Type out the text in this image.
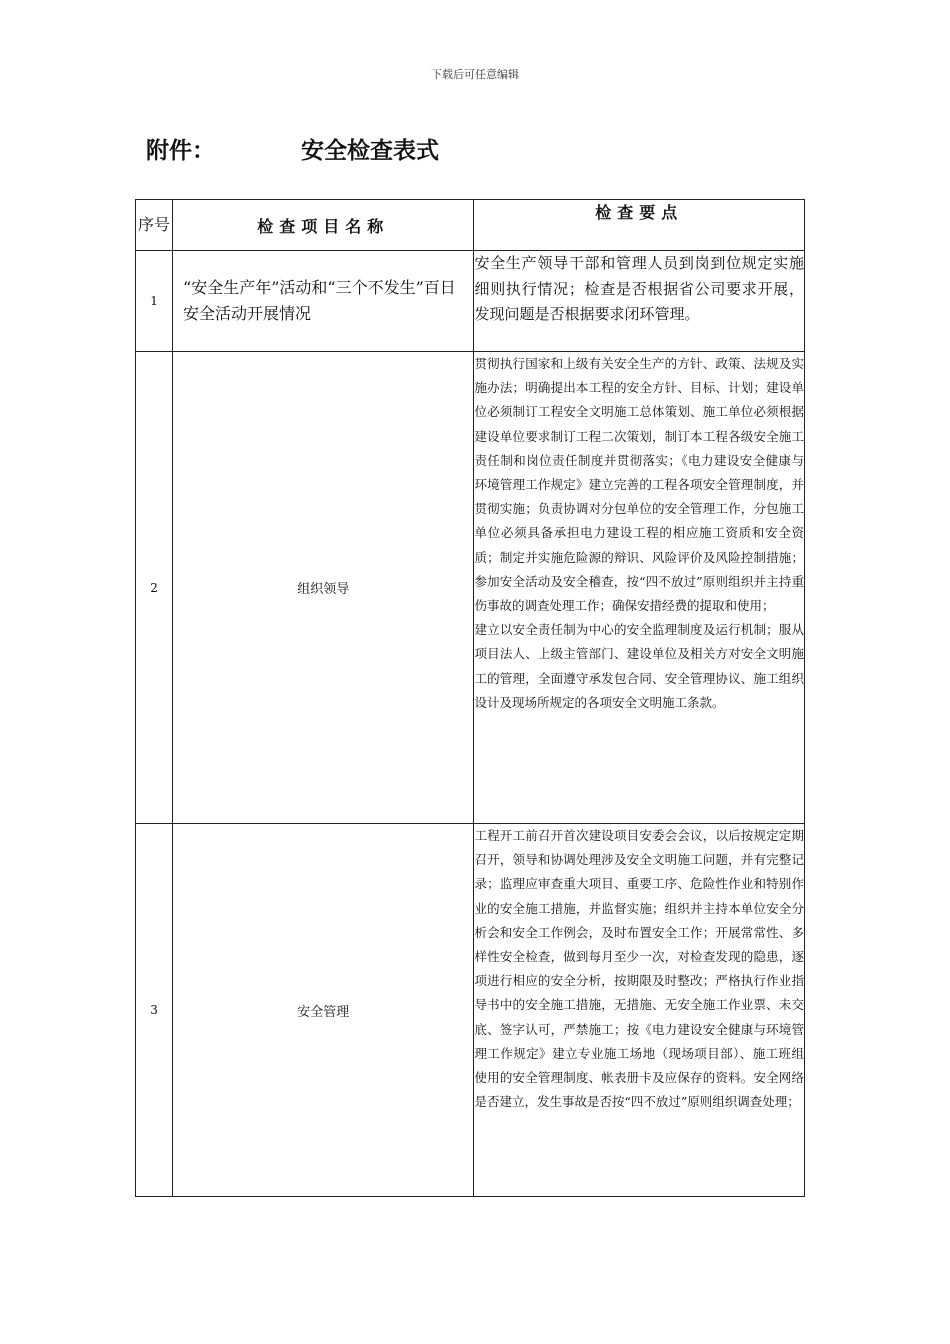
下载后可任意编辑
附件：	安全检查表式
序号	检查项目名称	检查要点
1	“安全生产年”活动和“三个不发生”百日安全活动开展情况	安全生产领导干部和管理人员到岗到位规定实施细则执行情况；检查是否根据省公司要求开展，发现问题是否根据要求闭环管理。

2	组织领导	贯彻执行国家和上级有关安全生产的方针、政策、法规及实施办法；明确提出本工程的安全方针、目标、计划；建设单位必须制订工程安全文明施工总体策划、施工单位必须根据建设单位要求制订工程二次策划，制订本工程各级安全施工责任制和岗位责任制度并贯彻落实；《电力建设安全健康与环境管理工作规定》建立完善的工程各项安全管理制度，并贯彻实施；负责协调对分包单位的安全管理工作，分包施工单位必须具备承担电力建设工程的相应施工资质和安全资质；制定并实施危险源的辩识、风险评价及风险控制措施；参加安全活动及安全稽查，按“四不放过”原则组织并主持重伤事故的调查处理工作；确保安措经费的提取和使用；
建立以安全责任制为中心的安全监理制度及运行机制；服从项目法人、上级主管部门、建设单位及相关方对安全文明施工的管理，全面遵守承发包合同、安全管理协议、施工组织设计及现场所规定的各项安全文明施工条款。

3	安全管理	工程开工前召开首次建设项目安委会会议，以后按规定定期召开，领导和协调处理涉及安全文明施工问题，并有完整记录；监理应审查重大项目、重要工序、危险性作业和特别作业的安全施工措施，并监督实施；组织并主持本单位安全分析会和安全工作例会，及时布置安全工作；开展常常性、多样性安全检查，做到每月至少一次，对检查发现的隐患，逐项进行相应的安全分析，按期限及时整改；严格执行作业指导书中的安全施工措施，无措施、无安全施工作业票、未交底、签字认可，严禁施工；按《电力建设安全健康与环境管理工作规定》建立专业施工场地（现场项目部）、施工班组使用的安全管理制度、帐表册卡及应保存的资料。安全网络是否建立，发生事故是否按“四不放过”原则组织调查处理；
